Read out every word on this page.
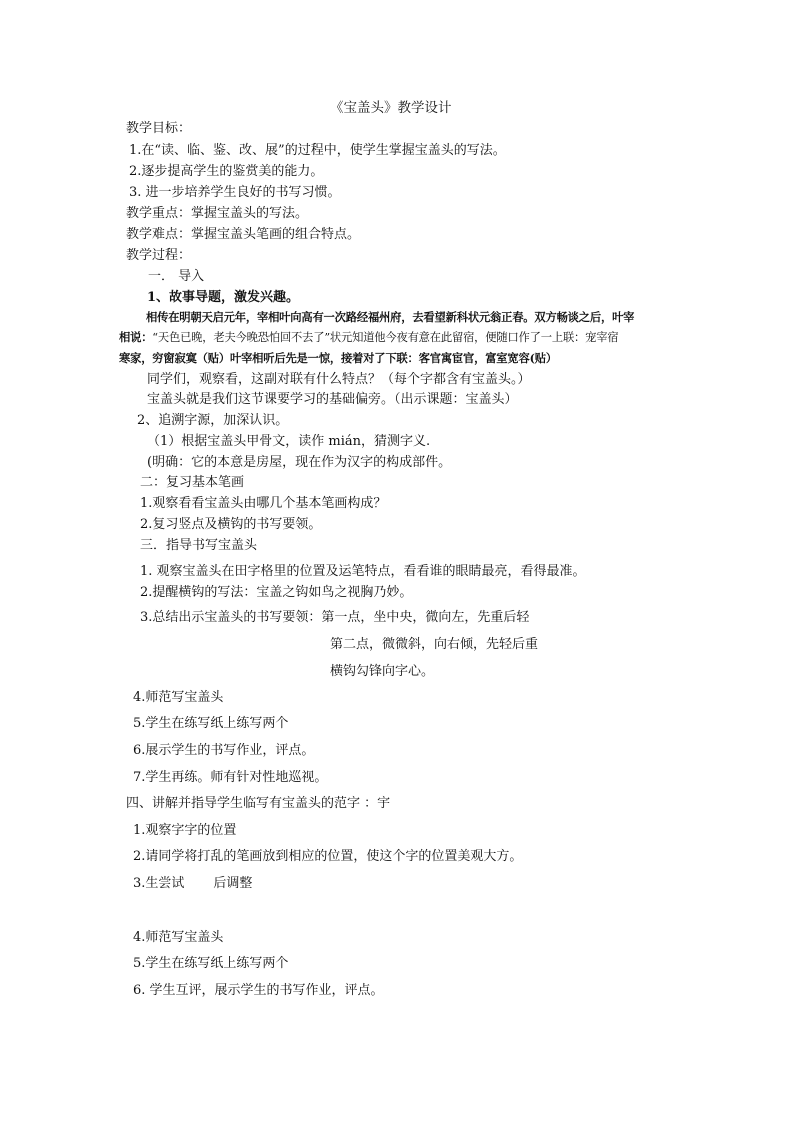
《宝盖头》教学设计
教学目标：
1.在“读、临、鉴、改、展”的过程中，使学生掌握宝盖头的写法。
2.逐步提高学生的鉴赏美的能力。
3. 进一步培养学生良好的书写习惯。
教学重点：掌握宝盖头的写法。
教学难点：掌握宝盖头笔画的组合特点。
教学过程：
一． 导入
1、故事导题，激发兴趣。
相传在明朝天启元年，宰相叶向高有一次路经福州府，去看望新科状元翁正春。双方畅谈之后，叶宰
相说：“天色已晚，老夫今晚恐怕回不去了”状元知道他今夜有意在此留宿，便随口作了一上联：宠宰宿
寒家，穷窗寂寞（贴）叶宰相听后先是一惊，接着对了下联：客官寓宦官，富室宽容(贴）
同学们，观察看，这副对联有什么特点？（每个字都含有宝盖头。）
宝盖头就是我们这节课要学习的基础偏旁。（出示课题：宝盖头）
2、追溯字源，加深认识。
（1）根据宝盖头甲骨文，读作 mián，猜测字义.
(明确：它的本意是房屋，现在作为汉字的构成部件。
二：复习基本笔画
1.观察看看宝盖头由哪几个基本笔画构成？
2.复习竖点及横钩的书写要领。
三．指导书写宝盖头
1. 观察宝盖头在田字格里的位置及运笔特点，看看谁的眼睛最亮，看得最准。
2.提醒横钩的写法：宝盖之钩如鸟之视胸乃妙。
3.总结出示宝盖头的书写要领：第一点，坐中央，微向左，先重后轻
第二点，微微斜，向右倾，先轻后重
横钩勾锋向字心。
4.师范写宝盖头
5.学生在练写纸上练写两个
6.展示学生的书写作业，评点。
7.学生再练。师有针对性地巡视。
四、讲解并指导学生临写有宝盖头的范字 ：宇
1.观察字字的位置
2.请同学将打乱的笔画放到相应的位置，使这个字的位置美观大方。
3.生尝试       后调整
4.师范写宝盖头
5.学生在练写纸上练写两个
6. 学生互评，展示学生的书写作业，评点。
